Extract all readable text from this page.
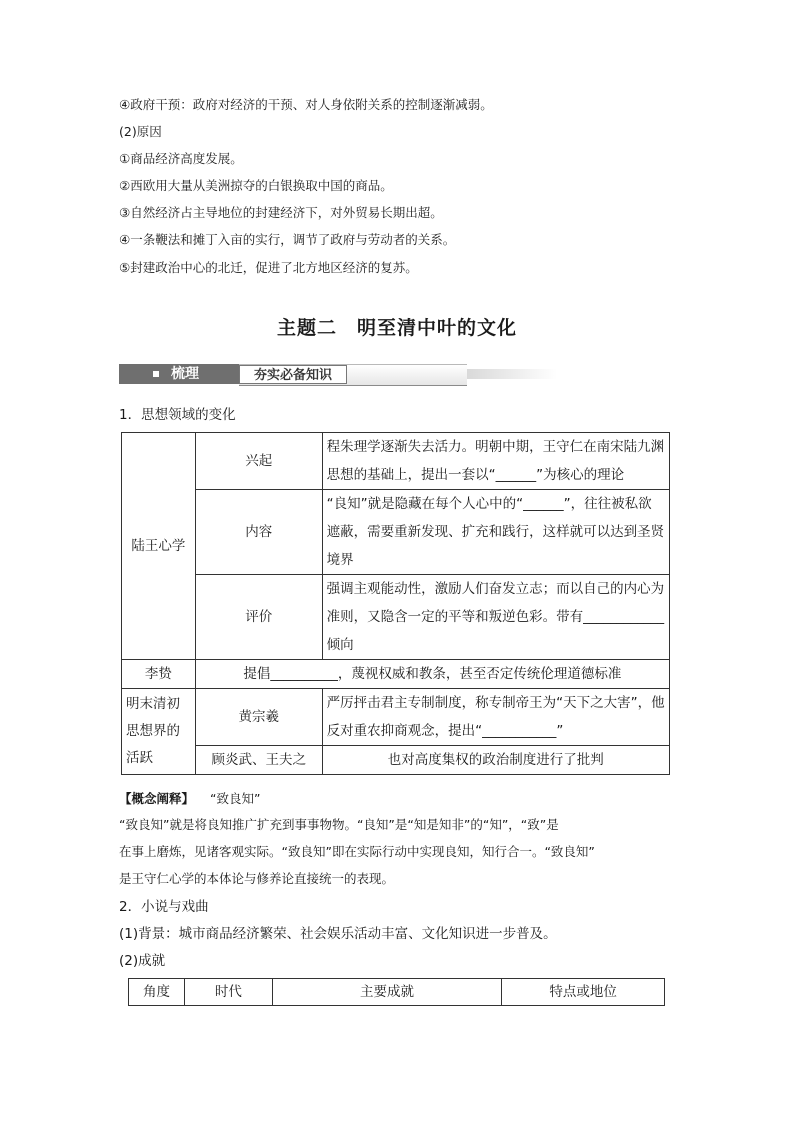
④政府干预：政府对经济的干预、对人身依附关系的控制逐渐减弱。
(2)原因
①商品经济高度发展。
②西欧用大量从美洲掠夺的白银换取中国的商品。
③自然经济占主导地位的封建经济下，对外贸易长期出超。
④一条鞭法和摊丁入亩的实行，调节了政府与劳动者的关系。
⑤封建政治中心的北迁，促进了北方地区经济的复苏。
主题二　明至清中叶的文化
梳理	夯实必备知识
1．思想领域的变化
陆王心学	兴起	程朱理学逐渐失去活力。明朝中期，王守仁在南宋陆九渊思想的基础上，提出一套以“______”为核心的理论
	内容	“良知”就是隐藏在每个人心中的“______”，往往被私欲遮蔽，需要重新发现、扩充和践行，这样就可以达到圣贤境界
	评价	强调主观能动性，激励人们奋发立志；而以自己的内心为准则，又隐含一定的平等和叛逆色彩。带有____________倾向
李贽	提倡__________，蔑视权威和教条，甚至否定传统伦理道德标准	
明末清初思想界的活跃	黄宗羲	严厉抨击君主专制制度，称专制帝王为“天下之大害”，他反对重农抑商观念，提出“___________”
	顾炎武、王夫之	也对高度集权的政治制度进行了批判
【概念阐释】 “致良知”
“致良知”就是将良知推广扩充到事事物物。“良知”是“知是知非”的“知”，“致”是
在事上磨炼，见诸客观实际。“致良知”即在实际行动中实现良知，知行合一。“致良知”
是王守仁心学的本体论与修养论直接统一的表现。
2．小说与戏曲
(1)背景：城市商品经济繁荣、社会娱乐活动丰富、文化知识进一步普及。
(2)成就
角度	时代	主要成就	特点或地位
